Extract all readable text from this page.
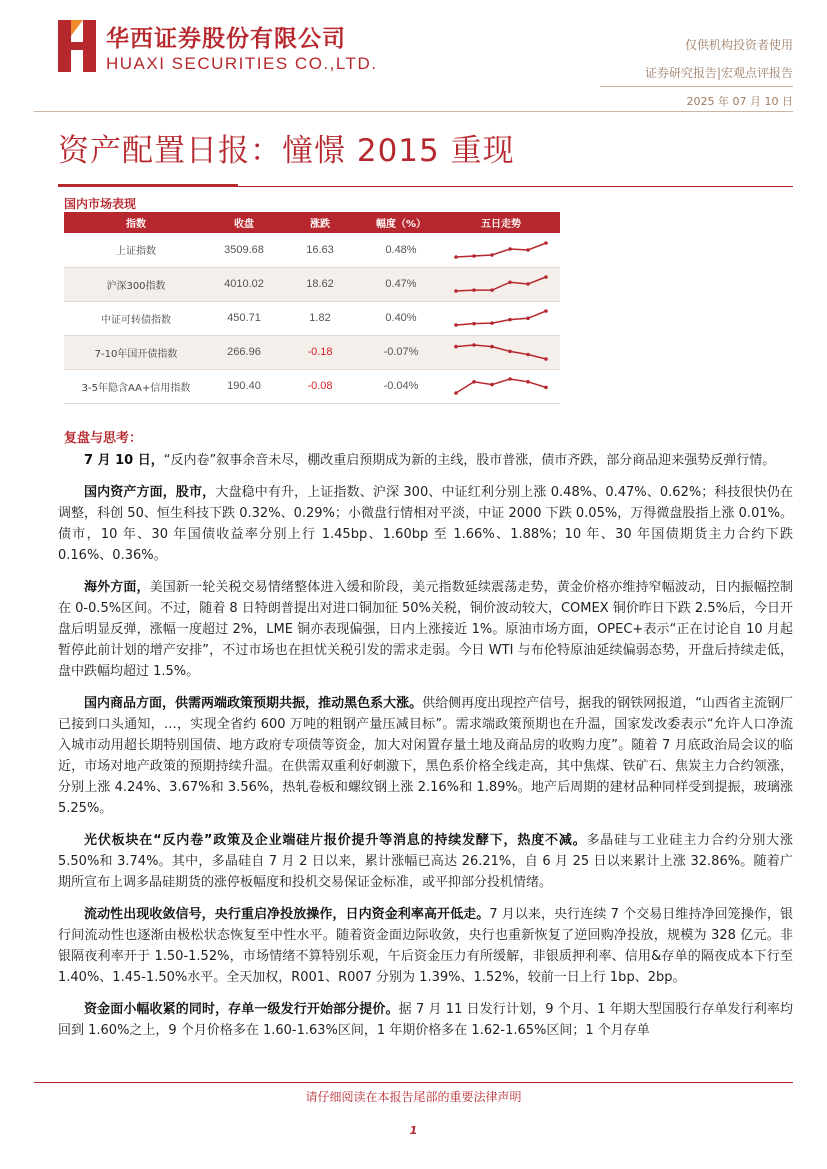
华西证券股份有限公司
HUAXI SECURITIES CO.,LTD.
仅供机构投资者使用
证券研究报告|宏观点评报告
2025 年 07 月 10 日
资产配置日报：憧憬 2015 重现
国内市场表现
指数	收盘	涨跌	幅度（%）	五日走势
上证指数	3509.68	16.63	0.48%	

沪深300指数	4010.02	18.62	0.47%	

中证可转债指数	450.71	1.82	0.40%	

7-10年国开债指数	266.96	-0.18	-0.07%	

3-5年隐含AA+信用指数	190.40	-0.08	-0.04%	
复盘与思考：

7 月 10 日，“反内卷”叙事余音未尽，棚改重启预期成为新的主线，股市普涨，债市齐跌，部分商品迎来强势反弹行情。

国内资产方面，股市，大盘稳中有升，上证指数、沪深 300、中证红利分别上涨 0.48%、0.47%、0.62%；科技很快仍在调整，科创 50、恒生科技下跌 0.32%、0.29%；小微盘行情相对平淡，中证 2000 下跌 0.05%，万得微盘股指上涨 0.01%。债市，10 年、30 年国债收益率分别上行 1.45bp、1.60bp 至 1.66%、1.88%；10 年、30 年国债期货主力合约下跌 0.16%、0.36%。

海外方面，美国新一轮关税交易情绪整体进入缓和阶段，美元指数延续震荡走势，黄金价格亦维持窄幅波动，日内振幅控制在 0-0.5%区间。不过，随着 8 日特朗普提出对进口铜加征 50%关税，铜价波动较大，COMEX 铜价昨日下跌 2.5%后，今日开盘后明显反弹，涨幅一度超过 2%，LME 铜亦表现偏强，日内上涨接近 1%。原油市场方面，OPEC+表示“正在讨论自 10 月起暂停此前计划的增产安排”，不过市场也在担忧关税引发的需求走弱。今日 WTI 与布伦特原油延续偏弱态势，开盘后持续走低，盘中跌幅均超过 1.5%。

国内商品方面，供需两端政策预期共振，推动黑色系大涨。供给侧再度出现控产信号，据我的钢铁网报道，“山西省主流钢厂已接到口头通知，…，实现全省约 600 万吨的粗钢产量压减目标”。需求端政策预期也在升温，国家发改委表示“允许人口净流入城市动用超长期特别国债、地方政府专项债等资金，加大对闲置存量土地及商品房的收购力度”。随着 7 月底政治局会议的临近，市场对地产政策的预期持续升温。在供需双重利好刺激下，黑色系价格全线走高，其中焦煤、铁矿石、焦炭主力合约领涨，分别上涨 4.24%、3.67%和 3.56%，热轧卷板和螺纹钢上涨 2.16%和 1.89%。地产后周期的建材品种同样受到提振，玻璃涨 5.25%。

光伏板块在“反内卷”政策及企业端硅片报价提升等消息的持续发酵下，热度不减。多晶硅与工业硅主力合约分别大涨 5.50%和 3.74%。其中，多晶硅自 7 月 2 日以来，累计涨幅已高达 26.21%，自 6 月 25 日以来累计上涨 32.86%。随着广期所宣布上调多晶硅期货的涨停板幅度和投机交易保证金标准，或平抑部分投机情绪。

流动性出现收敛信号，央行重启净投放操作，日内资金利率高开低走。7 月以来，央行连续 7 个交易日维持净回笼操作，银行间流动性也逐渐由极松状态恢复至中性水平。随着资金面边际收敛，央行也重新恢复了逆回购净投放，规模为 328 亿元。非银隔夜利率开于 1.50-1.52%，市场情绪不算特别乐观，午后资金压力有所缓解，非银质押利率、信用&存单的隔夜成本下行至 1.40%、1.45-1.50%水平。全天加权，R001、R007 分别为 1.39%、1.52%，较前一日上行 1bp、2bp。

资金面小幅收紧的同时，存单一级发行开始部分提价。据 7 月 11 日发行计划，9 个月、1 年期大型国股行存单发行利率均回到 1.60%之上，9 个月价格多在 1.60-1.63%区间，1 年期价格多在 1.62-1.65%区间；1 个月存单

请仔细阅读在本报告尾部的重要法律声明
1
